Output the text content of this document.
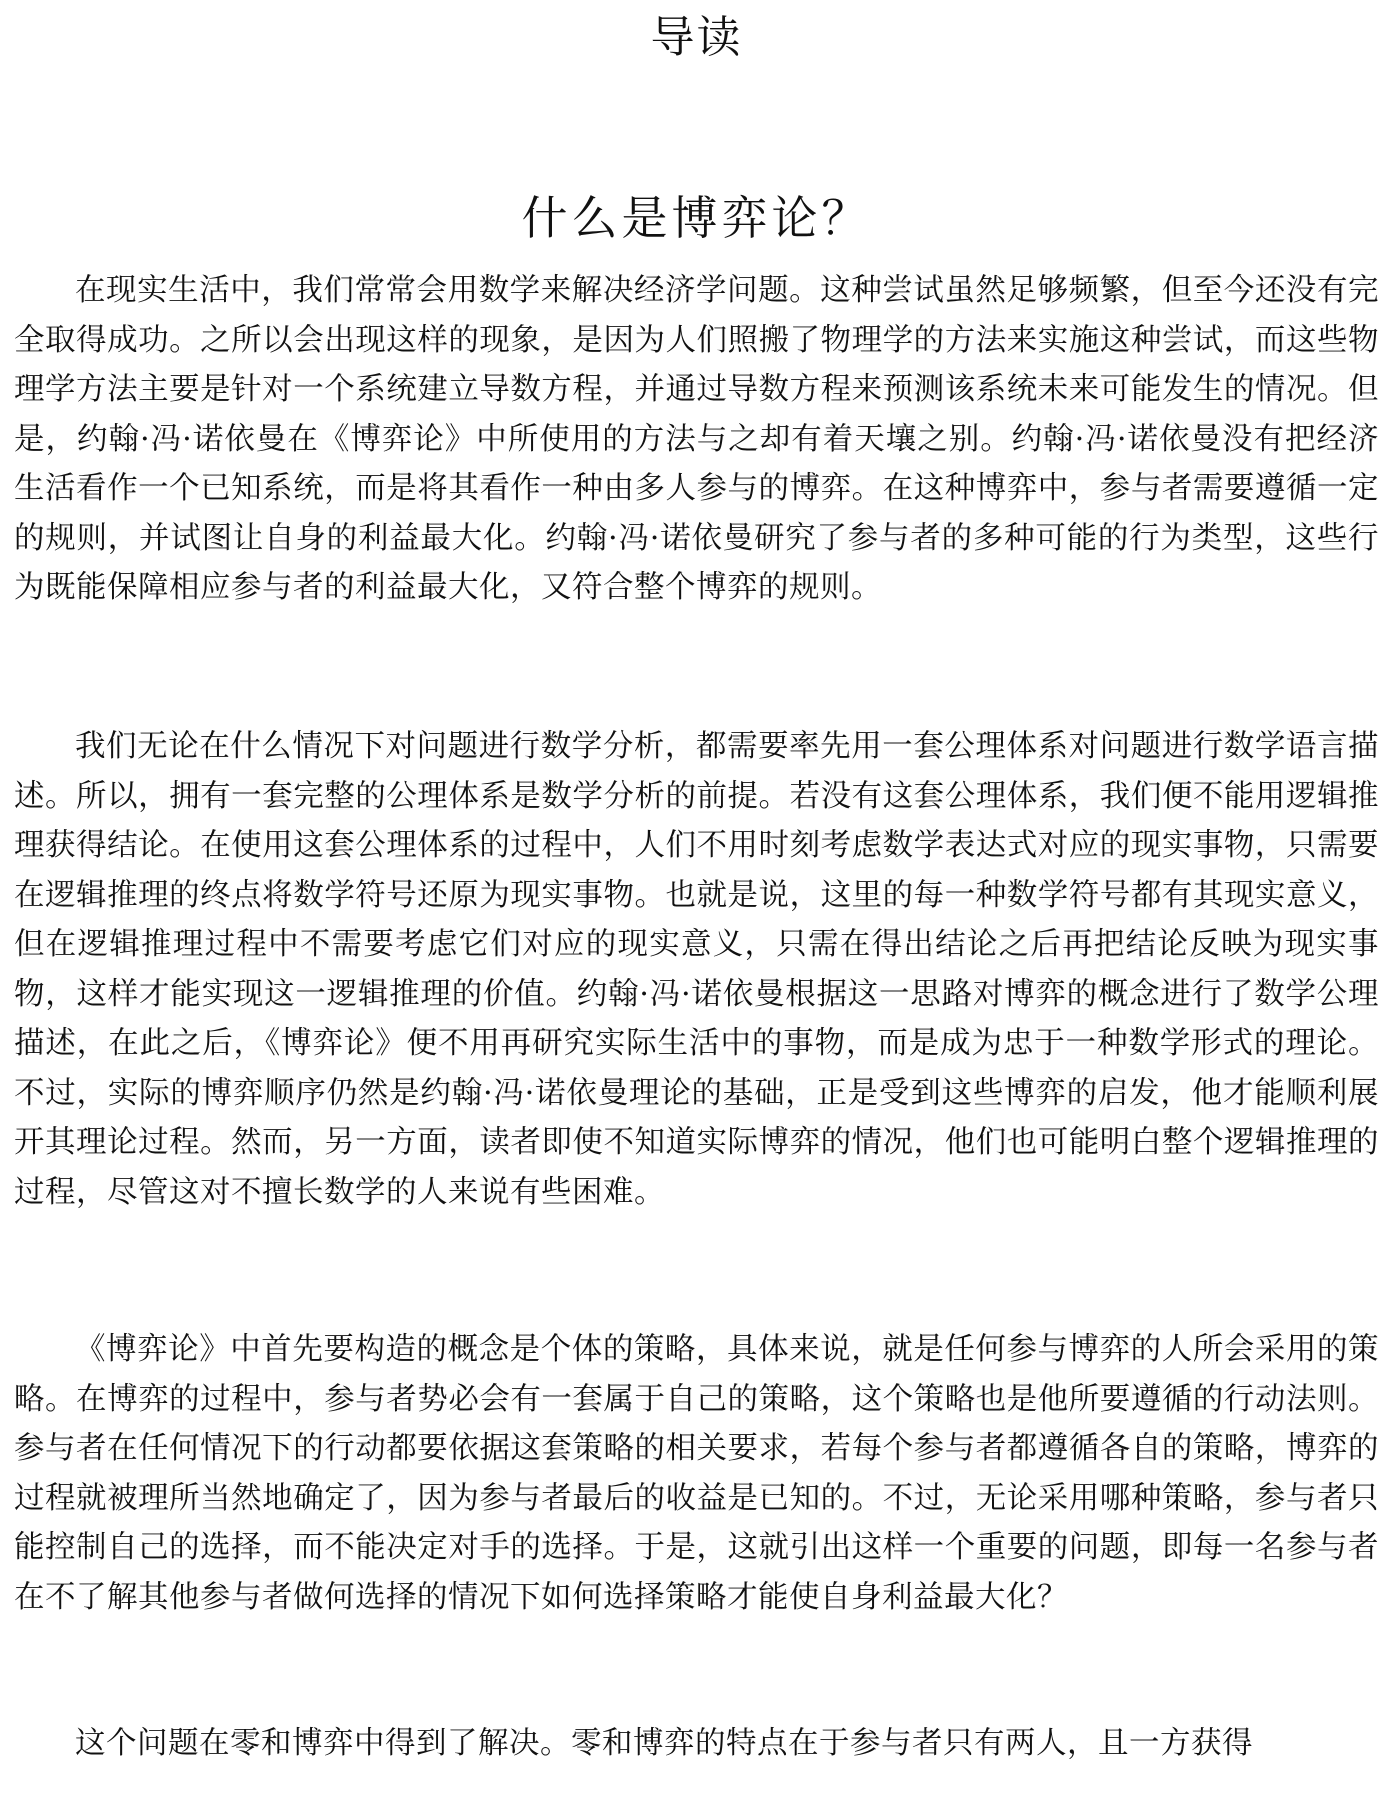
导读
什么是博弈论？

在现实生活中，我们常常会用数学来解决经济学问题。这种尝试虽然足够频繁，但至今还没有完全取得成功。之所以会出现这样的现象，是因为人们照搬了物理学的方法来实施这种尝试，而这些物理学方法主要是针对一个系统建立导数方程，并通过导数方程来预测该系统未来可能发生的情况。但是，约翰·冯·诺依曼在《博弈论》中所使用的方法与之却有着天壤之别。约翰·冯·诺依曼没有把经济生活看作一个已知系统，而是将其看作一种由多人参与的博弈。在这种博弈中，参与者需要遵循一定的规则，并试图让自身的利益最大化。约翰·冯·诺依曼研究了参与者的多种可能的行为类型，这些行为既能保障相应参与者的利益最大化，又符合整个博弈的规则。

我们无论在什么情况下对问题进行数学分析，都需要率先用一套公理体系对问题进行数学语言描述。所以，拥有一套完整的公理体系是数学分析的前提。若没有这套公理体系，我们便不能用逻辑推理获得结论。在使用这套公理体系的过程中，人们不用时刻考虑数学表达式对应的现实事物，只需要在逻辑推理的终点将数学符号还原为现实事物。也就是说，这里的每一种数学符号都有其现实意义，但在逻辑推理过程中不需要考虑它们对应的现实意义，只需在得出结论之后再把结论反映为现实事物，这样才能实现这一逻辑推理的价值。约翰·冯·诺依曼根据这一思路对博弈的概念进行了数学公理描述，在此之后，《博弈论》便不用再研究实际生活中的事物，而是成为忠于一种数学形式的理论。不过，实际的博弈顺序仍然是约翰·冯·诺依曼理论的基础，正是受到这些博弈的启发，他才能顺利展开其理论过程。然而，另一方面，读者即使不知道实际博弈的情况，他们也可能明白整个逻辑推理的过程，尽管这对不擅长数学的人来说有些困难。

《博弈论》中首先要构造的概念是个体的策略，具体来说，就是任何参与博弈的人所会采用的策略。在博弈的过程中，参与者势必会有一套属于自己的策略，这个策略也是他所要遵循的行动法则。参与者在任何情况下的行动都要依据这套策略的相关要求，若每个参与者都遵循各自的策略，博弈的过程就被理所当然地确定了，因为参与者最后的收益是已知的。不过，无论采用哪种策略，参与者只能控制自己的选择，而不能决定对手的选择。于是，这就引出这样一个重要的问题，即每一名参与者在不了解其他参与者做何选择的情况下如何选择策略才能使自身利益最大化？

这个问题在零和博弈中得到了解决。零和博弈的特点在于参与者只有两人，且一方获得
